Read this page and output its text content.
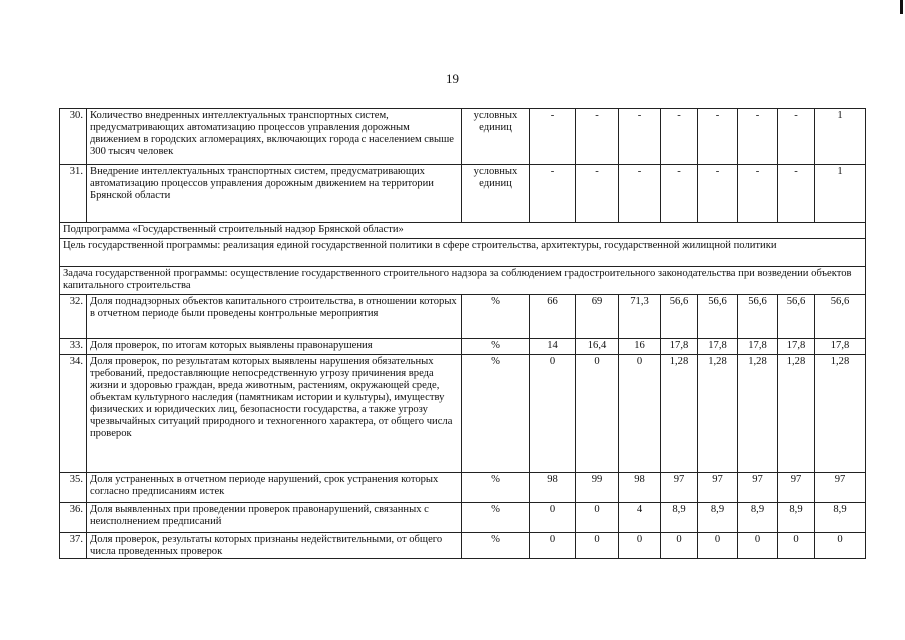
19
30.	Количество внедренных интеллектуальных транспортных систем, предусматривающих автоматизацию процессов управления дорожным движением в городских агломерациях, включающих города с населением свыше 300 тысяч человек	условных единиц	-	-	-	-	-	-	-	1
31.	Внедрение интеллектуальных транспортных систем, предусматривающих автоматизацию процессов управления дорожным движением на территории Брянской области	условных единиц	-	-	-	-	-	-	-	1
Подпрограмма «Государственный строительный надзор Брянской области»										
Цель государственной программы: реализация единой государственной политики в сфере строительства, архитектуры, государственной жилищной политики										
Задача государственной программы: осуществление государственного строительного надзора за соблюдением градостроительного законодательства при возведении объектов капитального строительства										
32.	Доля поднадзорных объектов капитального строительства, в отношении которых в отчетном периоде были проведены контрольные мероприятия	%	66	69	71,3	56,6	56,6	56,6	56,6	56,6
33.	Доля проверок, по итогам которых выявлены правонарушения	%	14	16,4	16	17,8	17,8	17,8	17,8	17,8
34.	Доля проверок, по результатам которых выявлены нарушения обязательных требований, предоставляющие непосредственную угрозу причинения вреда жизни и здоровью граждан, вреда животным, растениям, окружающей среде, объектам культурного наследия (памятникам истории и культуры), имуществу физических и юридических лиц, безопасности государства, а также угрозу чрезвычайных ситуаций природного и техногенного характера, от общего числа проверок	%	0	0	0	1,28	1,28	1,28	1,28	1,28
35.	Доля устраненных в отчетном периоде нарушений, срок устранения которых согласно предписаниям истек	%	98	99	98	97	97	97	97	97
36.	Доля выявленных при проведении проверок правонарушений, связанных с неисполнением предписаний	%	0	0	4	8,9	8,9	8,9	8,9	8,9
37.	Доля проверок, результаты которых признаны недействительными, от общего числа проведенных проверок	%	0	0	0	0	0	0	0	0
